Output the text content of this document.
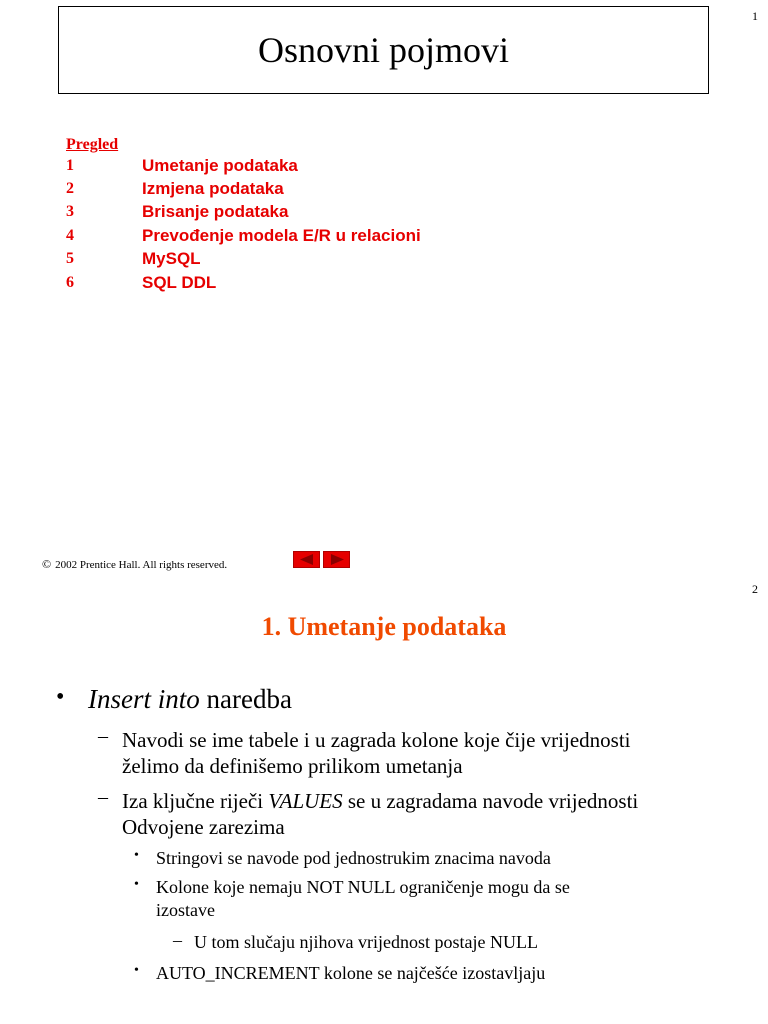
1
Osnovni pojmovi
Pregled
1	Umetanje podataka
2	Izmjena podataka
3	Brisanje podataka
4	Prevođenje modela E/R u relacioni
5	MySQL
6	SQL DDL
© 2002 Prentice Hall. All rights reserved.
2
1. Umetanje podataka
• Insert into naredba
– Navodi se ime tabele i u zagrada kolone koje čije vrijednosti
želimo da definišemo prilikom umetanja
– Iza ključne riječi VALUES se u zagradama navode vrijednosti
Odvojene zarezima
• Stringovi se navode pod jednostrukim znacima navoda
• Kolone koje nemaju NOT NULL ograničenje mogu da se
izostave
– U tom slučaju njihova vrijednost postaje NULL
• AUTO_INCREMENT kolone se najčešće izostavljaju
